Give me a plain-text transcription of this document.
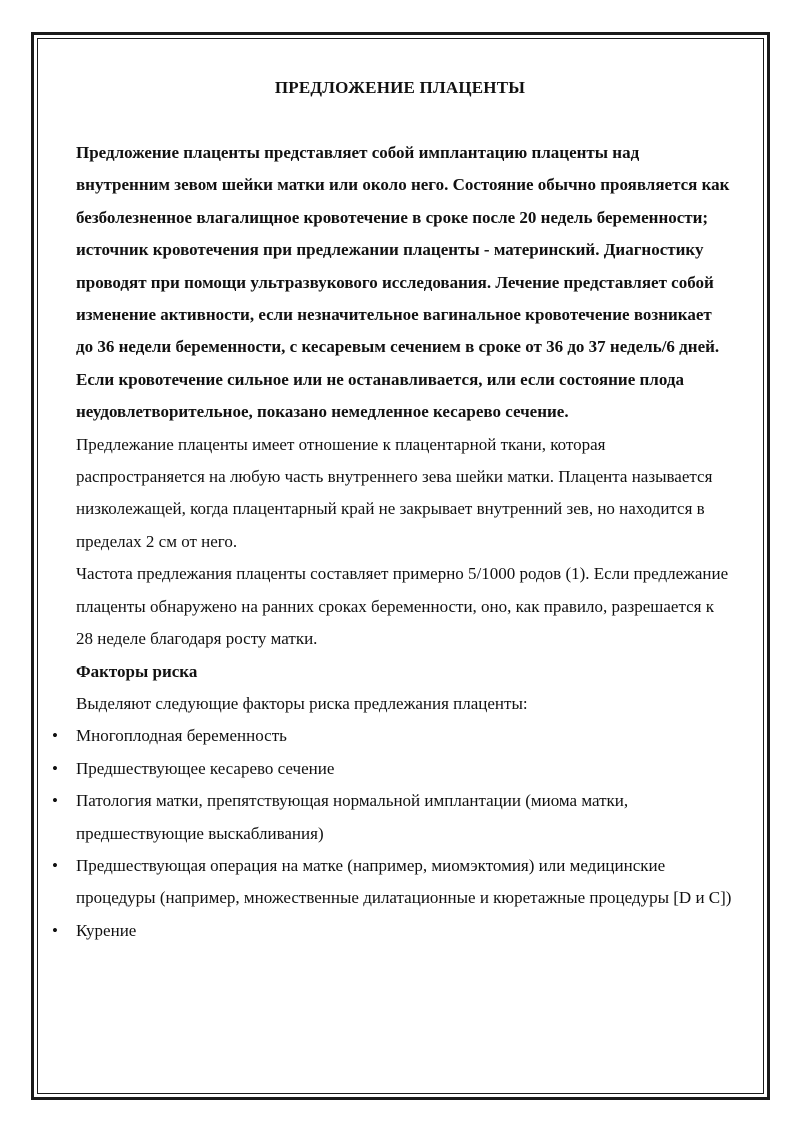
ПРЕДЛОЖЕНИЕ ПЛАЦЕНТЫ

Предложение плаценты представляет собой имплантацию плаценты над внутренним зевом шейки матки или около него. Состояние обычно проявляется как безболезненное влагалищное кровотечение в сроке после 20 недель беременности; источник кровотечения при предлежании плаценты - материнский. Диагностику проводят при помощи ультразвукового исследования. Лечение представляет собой изменение активности, если незначительное вагинальное кровотечение возникает до 36 недели беременности, с кесаревым сечением в сроке от 36 до 37 недель/6 дней. Если кровотечение сильное или не останавливается, или если состояние плода неудовлетворительное, показано немедленное кесарево сечение.

Предлежание плаценты имеет отношение к плацентарной ткани, которая распространяется на любую часть внутреннего зева шейки матки. Плацента называется низколежащей, когда плацентарный край не закрывает внутренний зев, но находится в пределах 2 см от него.

Частота предлежания плаценты составляет примерно 5/1000 родов (1). Если предлежание плаценты обнаружено на ранних сроках беременности, оно, как правило, разрешается к 28 неделе благодаря росту матки.

Факторы риска

Выделяют следующие факторы риска предлежания плаценты:

• Многоплодная беременность
• Предшествующее кесарево сечение
• Патология матки, препятствующая нормальной имплантации (миома матки, предшествующие выскабливания)
• Предшествующая операция на матке (например, миомэктомия) или медицинские процедуры (например, множественные дилатационные и кюретажные процедуры [D и C])
• Курение
